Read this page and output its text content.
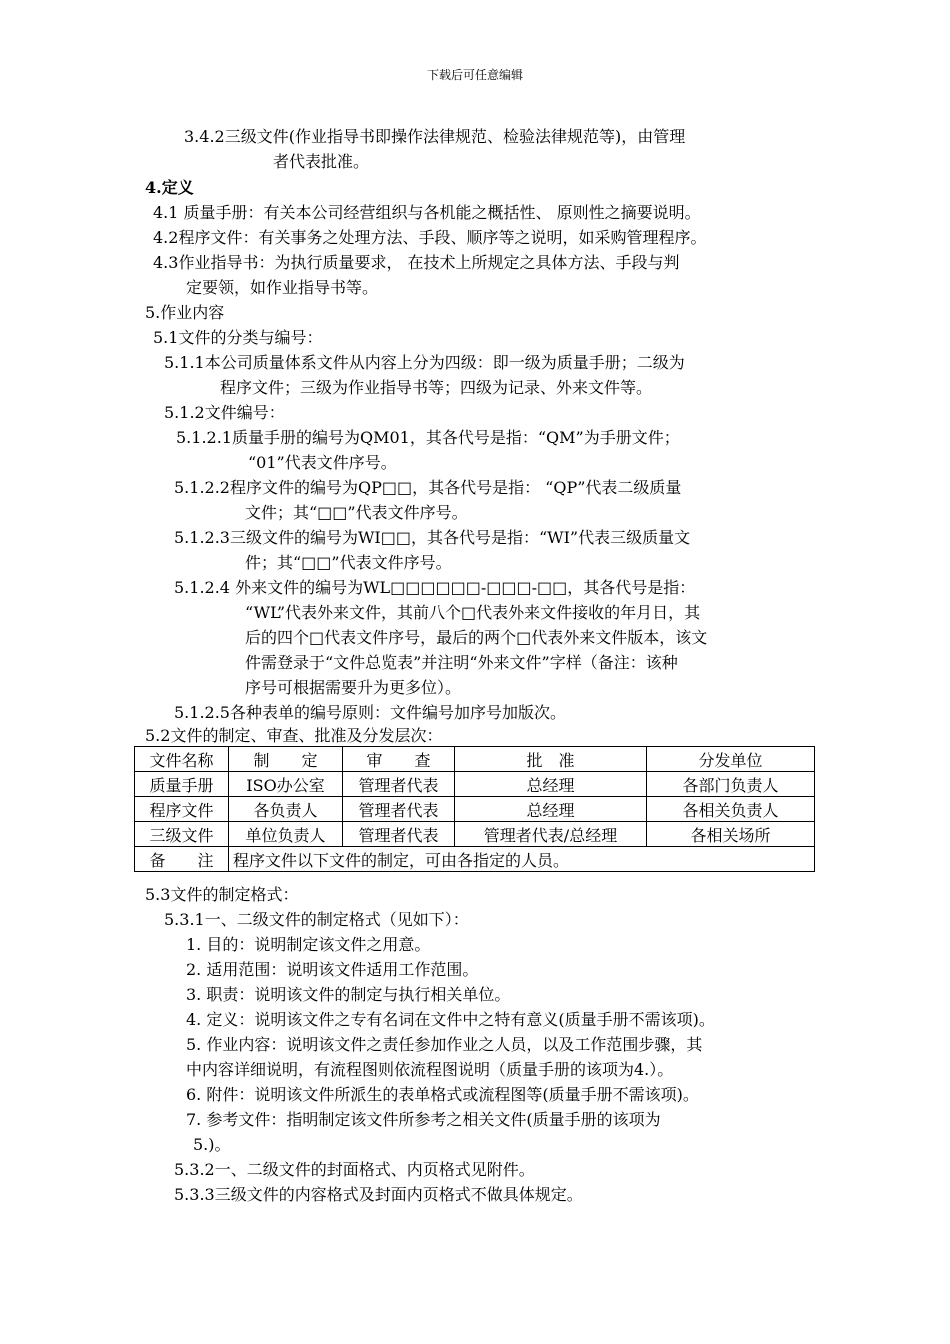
下载后可任意编辑
3.4.2三级文件(作业指导书即操作法律规范、检验法律规范等)，由管理
者代表批准。
4.定义
4.1 质量手册：有关本公司经营组织与各机能之概括性、 原则性之摘要说明。
4.2程序文件：有关事务之处理方法、手段、顺序等之说明，如采购管理程序。
4.3作业指导书：为执行质量要求， 在技术上所规定之具体方法、手段与判
定要领，如作业指导书等。
5.作业内容
5.1文件的分类与编号：
5.1.1本公司质量体系文件从内容上分为四级：即一级为质量手册；二级为
程序文件；三级为作业指导书等；四级为记录、外来文件等。
5.1.2文件编号：
5.1.2.1质量手册的编号为QM01，其各代号是指：“QM”为手册文件；
“01”代表文件序号。
5.1.2.2程序文件的编号为QP□□，其各代号是指： “QP”代表二级质量
文件；其“□□”代表文件序号。
5.1.2.3三级文件的编号为WI□□，其各代号是指：“WI”代表三级质量文
件；其“□□”代表文件序号。
5.1.2.4 外来文件的编号为WL□□□□□□-□□□-□□，其各代号是指：
“WL”代表外来文件，其前八个□代表外来文件接收的年月日，其
后的四个□代表文件序号，最后的两个□代表外来文件版本，该文
件需登录于“文件总览表”并注明“外来文件”字样（备注：该种
序号可根据需要升为更多位）。
5.1.2.5各种表单的编号原则：文件编号加序号加版次。
5.2文件的制定、审查、批准及分发层次：
文件名称	制　　定	审　　查	批　准	分发单位
质量手册	ISO办公室	管理者代表	总经理	各部门负责人
程序文件	各负责人	管理者代表	总经理	各相关负责人
三级文件	单位负责人	管理者代表	管理者代表/总经理	各相关场所
备　　注	程序文件以下文件的制定，可由各指定的人员。			
5.3文件的制定格式：
5.3.1一、二级文件的制定格式（见如下）：
1. 目的：说明制定该文件之用意。
2. 适用范围：说明该文件适用工作范围。
3. 职责：说明该文件的制定与执行相关单位。
4. 定义：说明该文件之专有名词在文件中之特有意义(质量手册不需该项)。
5. 作业内容：说明该文件之责任参加作业之人员，以及工作范围步骤，其
中内容详细说明，有流程图则依流程图说明（质量手册的该项为4.）。
6. 附件：说明该文件所派生的表单格式或流程图等(质量手册不需该项)。
7. 参考文件：指明制定该文件所参考之相关文件(质量手册的该项为
5.)。
5.3.2一、二级文件的封面格式、内页格式见附件。
5.3.3三级文件的内容格式及封面内页格式不做具体规定。
